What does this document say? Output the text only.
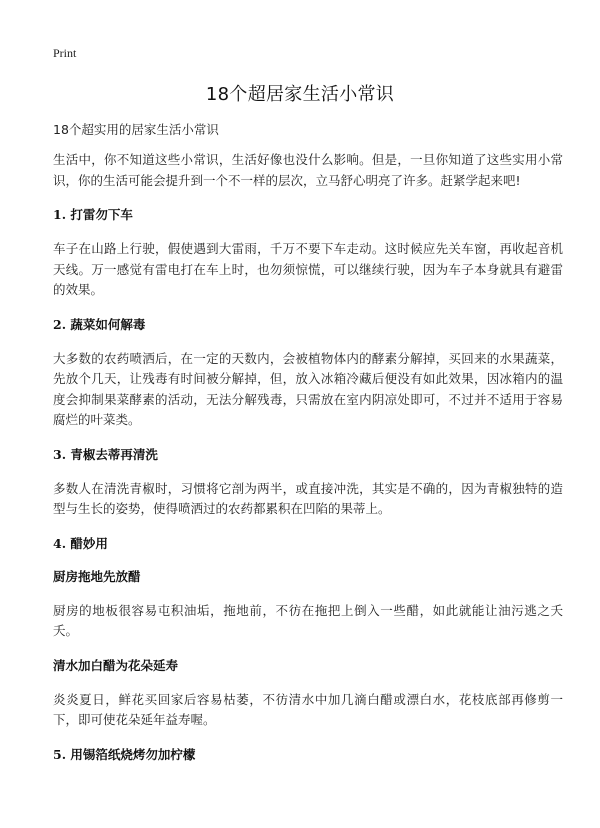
Print
18个超居家生活小常识
18个超实用的居家生活小常识

生活中，你不知道这些小常识，生活好像也没什么影响。但是，一旦你知道了这些实用小常识，你的生活可能会提升到一个不一样的层次，立马舒心明亮了许多。赶紧学起来吧!

1. 打雷勿下车

车子在山路上行驶，假使遇到大雷雨，千万不要下车走动。这时候应先关车窗，再收起音机天线。万一感觉有雷电打在车上时，也勿须惊慌，可以继续行驶，因为车子本身就具有避雷的效果。

2. 蔬菜如何解毒

大多数的农药喷洒后，在一定的天数内，会被植物体内的酵素分解掉，买回来的水果蔬菜，先放个几天，让残毒有时间被分解掉，但，放入冰箱冷藏后便没有如此效果，因冰箱内的温度会抑制果菜酵素的活动，无法分解残毒，只需放在室内阴凉处即可，不过并不适用于容易腐烂的叶菜类。

3. 青椒去蒂再清洗

多数人在清洗青椒时，习惯将它剖为两半，或直接冲洗，其实是不确的，因为青椒独特的造型与生长的姿势，使得喷洒过的农药都累积在凹陷的果蒂上。

4. 醋妙用
厨房拖地先放醋

厨房的地板很容易屯积油垢，拖地前，不彷在拖把上倒入一些醋，如此就能让油污逃之夭夭。

清水加白醋为花朵延寿

炎炎夏日，鲜花买回家后容易枯萎，不彷清水中加几滴白醋或漂白水，花枝底部再修剪一下，即可使花朵延年益寿喔。

5. 用锡箔纸烧烤勿加柠檬
